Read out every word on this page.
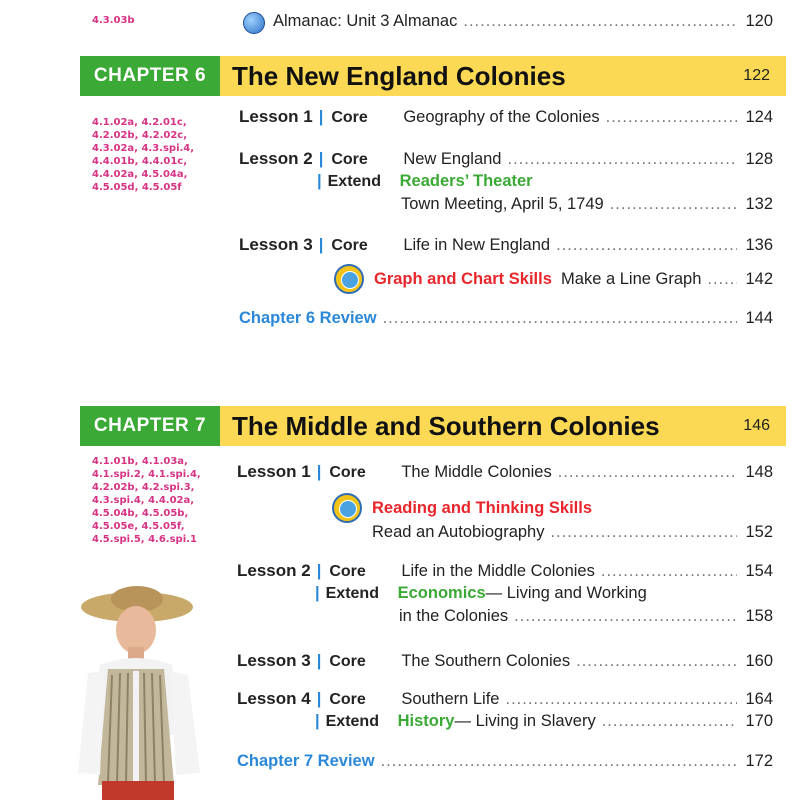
4.3.03b	Almanac:
Unit 3 Almanac .....	120
CHAPTER 6 The New England Colonies	122
4.1.02a, 4.2.01c,
4.2.02b, 4.2.02c,
4.3.02a, 4.3.spi.4,
4.4.01b, 4.4.01c,
4.4.02a, 4.5.04a,
4.5.05d, 4.5.05f
Lesson 1 | Core	Geography of the Colonies .....	124
Lesson 2 | Core	New England .....	128
| Extend	Readers’ Theater
Town Meeting, April 5, 1749 .....	132
Lesson 3 | Core	Life in New England .....	136
Graph and Chart Skills
Make a Line Graph .....	142
Chapter 6 Review .....	144
CHAPTER 7 The Middle and Southern Colonies	146
4.1.01b, 4.1.03a,
4.1.spi.2, 4.1.spi.4,
4.2.02b, 4.2.spi.3,
4.3.spi.4, 4.4.02a,
4.5.04b, 4.5.05b,
4.5.05e, 4.5.05f,
4.5.spi.5, 4.6.spi.1
Lesson 1 | Core	The Middle Colonies .....	148
Reading and Thinking Skills
Read an Autobiography .....	152
Lesson 2 | Core	Life in the Middle Colonies .....	154
| Extend	Economics — Living and Working
in the Colonies .....	158
Lesson 3 | Core	The Southern Colonies .....	160
Lesson 4 | Core	Southern Life .....	164
| Extend	History — Living in Slavery .....	170
Chapter 7 Review .....	172
